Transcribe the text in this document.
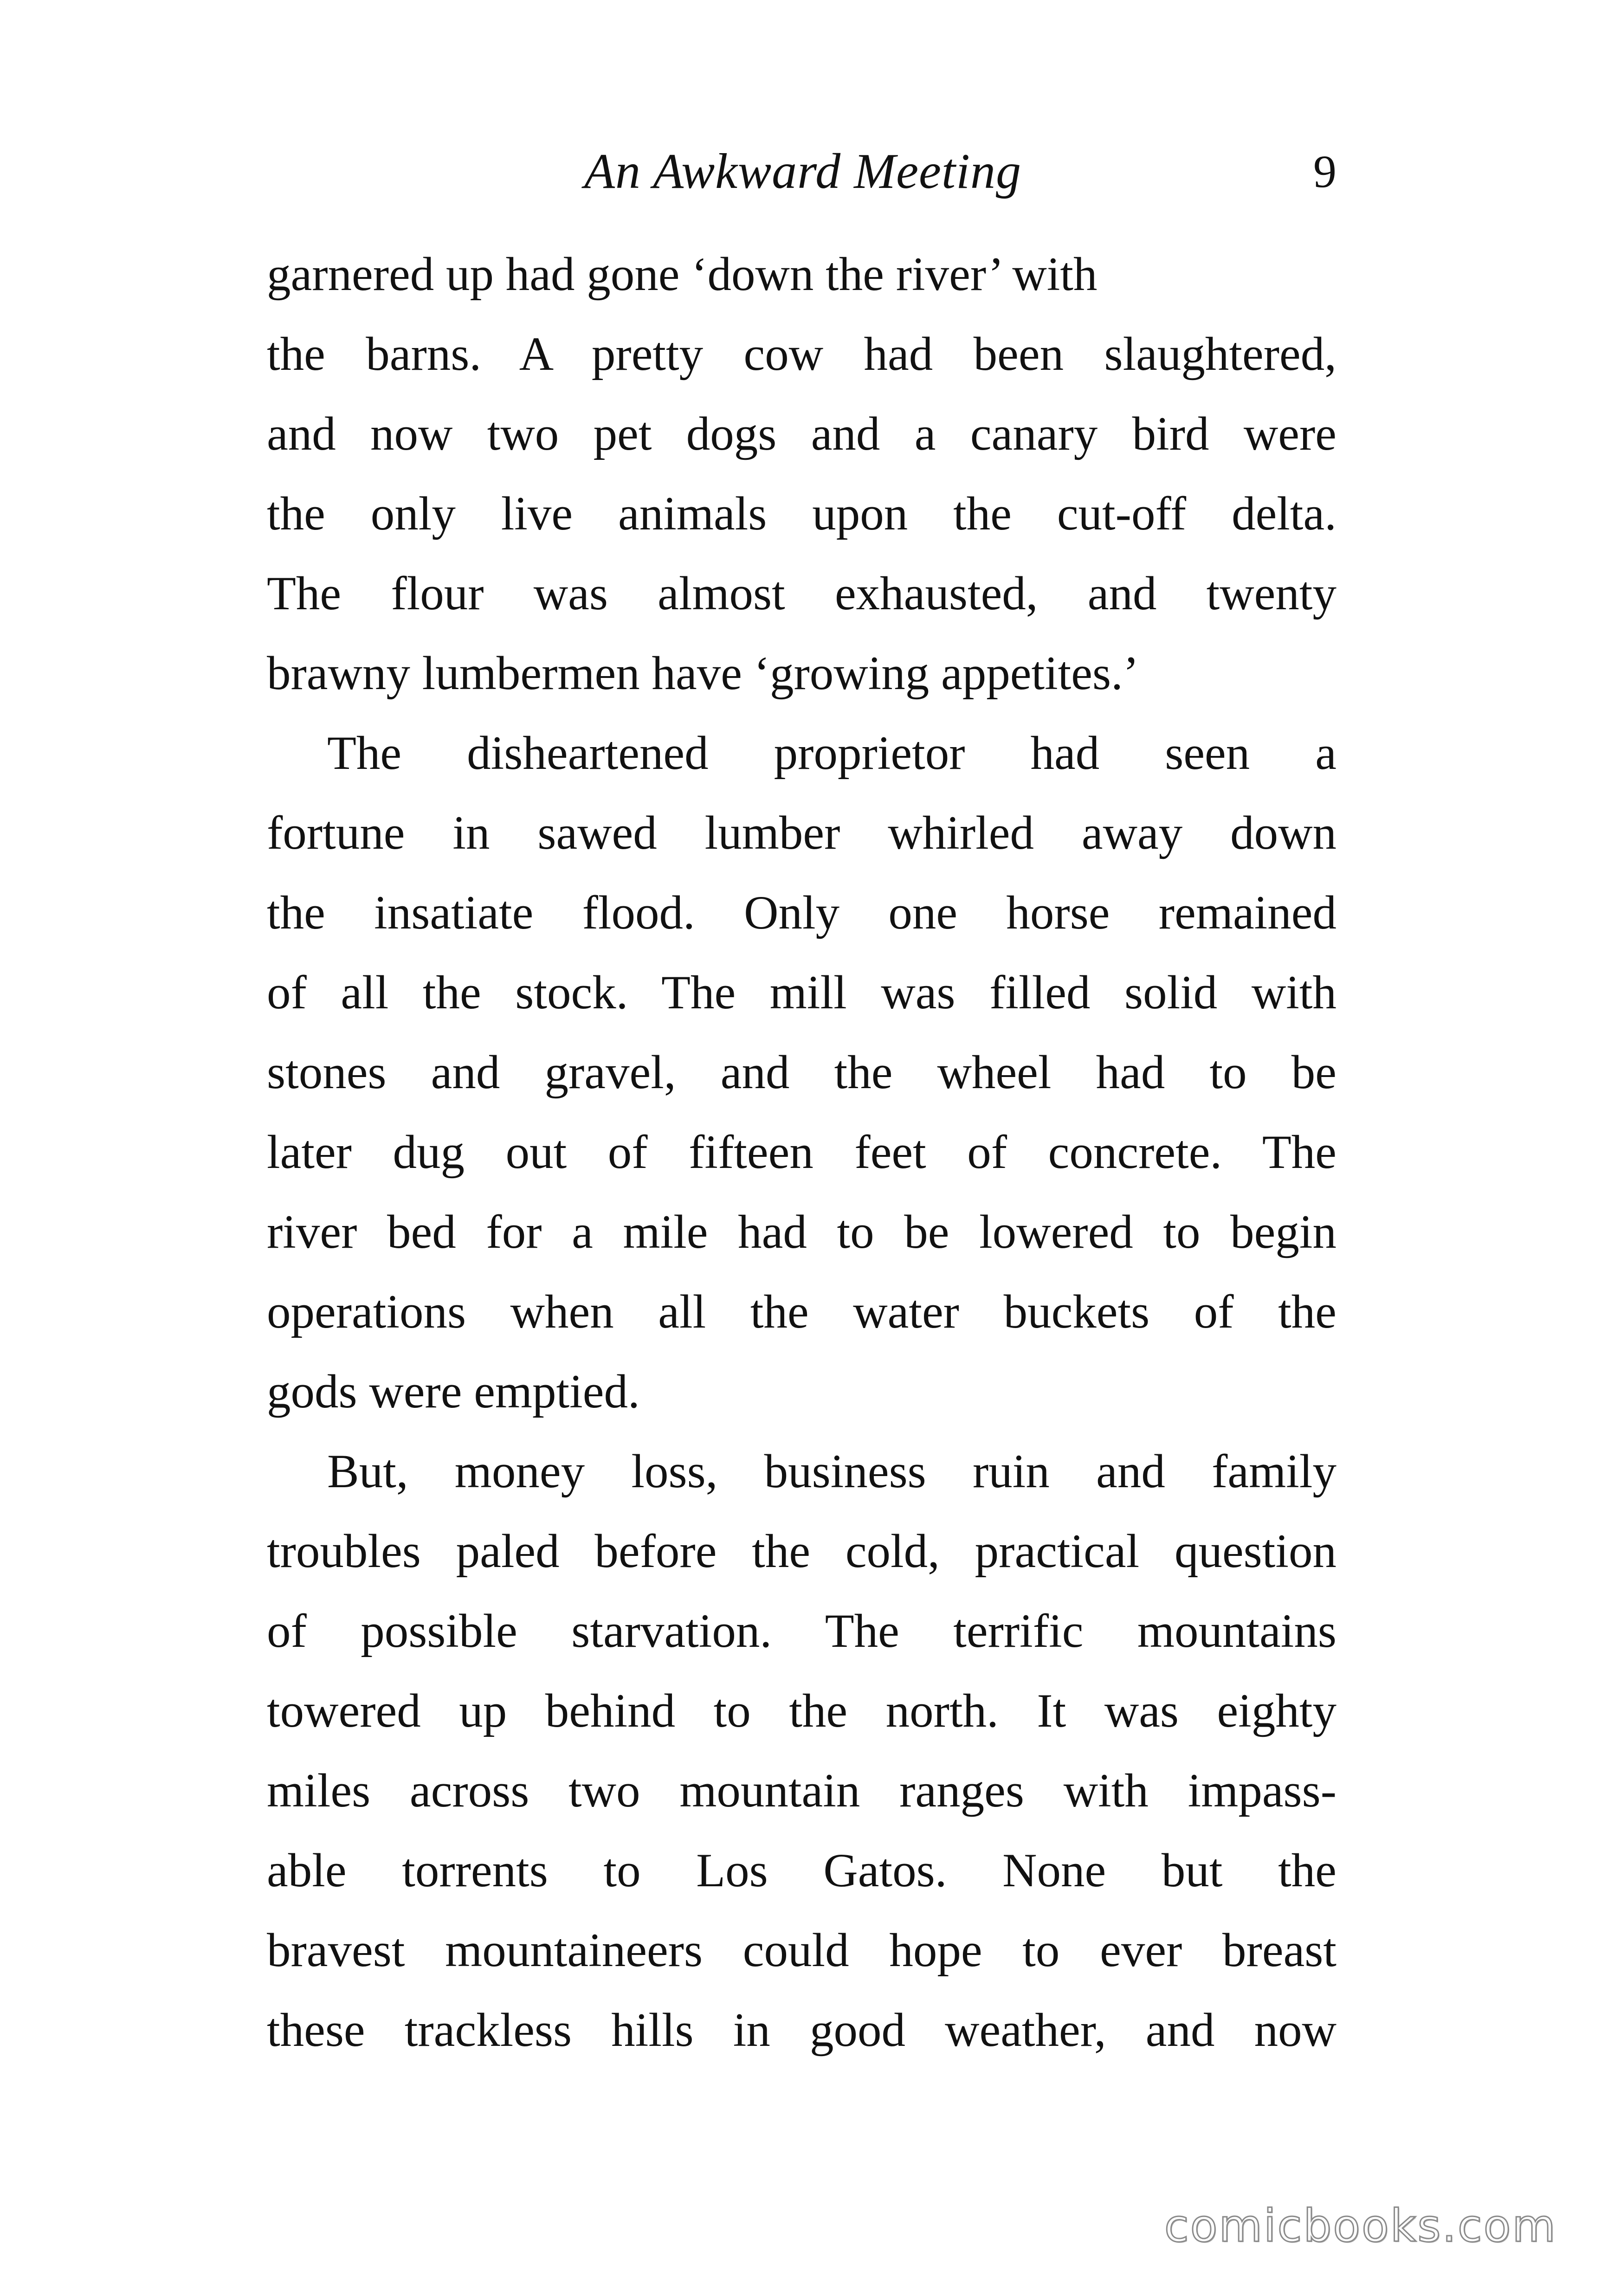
An Awkward Meeting	9
garnered up had gone ‘down the river’ with
the barns. A pretty cow had been slaughtered,
and now two pet dogs and a canary bird were
the only live animals upon the cut-off delta.
The flour was almost exhausted, and twenty
brawny lumbermen have ‘growing appetites.’
The disheartened proprietor had seen a
fortune in sawed lumber whirled away down
the insatiate flood. Only one horse remained
of all the stock. The mill was filled solid with
stones and gravel, and the wheel had to be
later dug out of fifteen feet of concrete. The
river bed for a mile had to be lowered to begin
operations when all the water buckets of the
gods were emptied.
But, money loss, business ruin and family
troubles paled before the cold, practical question
of possible starvation. The terrific mountains
towered up behind to the north. It was eighty
miles across two mountain ranges with impass-
able torrents to Los Gatos. None but the
bravest mountaineers could hope to ever breast
these trackless hills in good weather, and now
comicbooks.com
